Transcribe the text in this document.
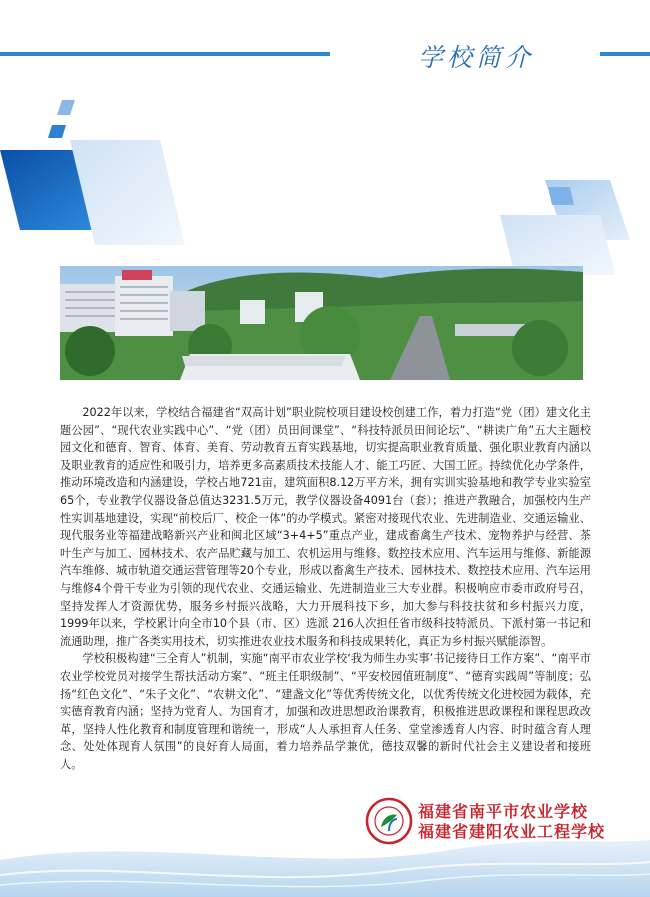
学校简介

2022年以来，学校结合福建省“双高计划”职业院校项目建设校创建工作，着力打造“党（团）建文化主题公园”、“现代农业实践中心”、“党（团）员田间课堂”、“科技特派员田间论坛”、“耕读广角”五大主题校园文化和德育、智育、体育、美育、劳动教育五育实践基地，切实提高职业教育质量、强化职业教育内涵以及职业教育的适应性和吸引力，培养更多高素质技术技能人才、能工巧匠、大国工匠。持续优化办学条件，推动环境改造和内涵建设，学校占地721亩，建筑面积8.12万平方米，拥有实训实验基地和教学专业实验室65个，专业教学仪器设备总值达3231.5万元，教学仪器设备4091台（套）；推进产教融合，加强校内生产性实训基地建设，实现“前校后厂、校企一体”的办学模式。紧密对接现代农业、先进制造业、交通运输业、现代服务业等福建战略新兴产业和闽北区域“3+4+5”重点产业，建成畜禽生产技术、宠物养护与经营、茶叶生产与加工、园林技术、农产品贮藏与加工、农机运用与维修、数控技术应用、汽车运用与维修、新能源汽车维修、城市轨道交通运营管理等20个专业，形成以畜禽生产技术、园林技术、数控技术应用、汽车运用与维修4个骨干专业为引领的现代农业、交通运输业、先进制造业三大专业群。积极响应市委市政府号召，坚持发挥人才资源优势，服务乡村振兴战略，大力开展科技下乡，加大参与科技扶贫和乡村振兴力度，1999年以来，学校累计向全市10个县（市、区）选派 216人次担任省市级科技特派员、下派村第一书记和流通助理，推广各类实用技术，切实推进农业技术服务和科技成果转化，真正为乡村振兴赋能添智。

学校积极构建“三全育人”机制，实施“南平市农业学校‘我为师生办实事’书记接待日工作方案”、“南平市农业学校党员对接学生帮扶活动方案”、“班主任职级制”、“平安校园值班制度”、“德育实践周”等制度；弘扬“红色文化”、“朱子文化”、“农耕文化”、“建盏文化”等优秀传统文化，以优秀传统文化进校园为载体，充实德育教育内涵；坚持为党育人、为国育才，加强和改进思想政治课教育，积极推进思政课程和课程思政改革，坚持人性化教育和制度管理和谐统一，形成“人人承担育人任务、堂堂渗透育人内容、时时蕴含育人理念、处处体现育人氛围”的良好育人局面，着力培养品学兼优，德技双馨的新时代社会主义建设者和接班人。

福建省南平市农业学校
福建省建阳农业工程学校
